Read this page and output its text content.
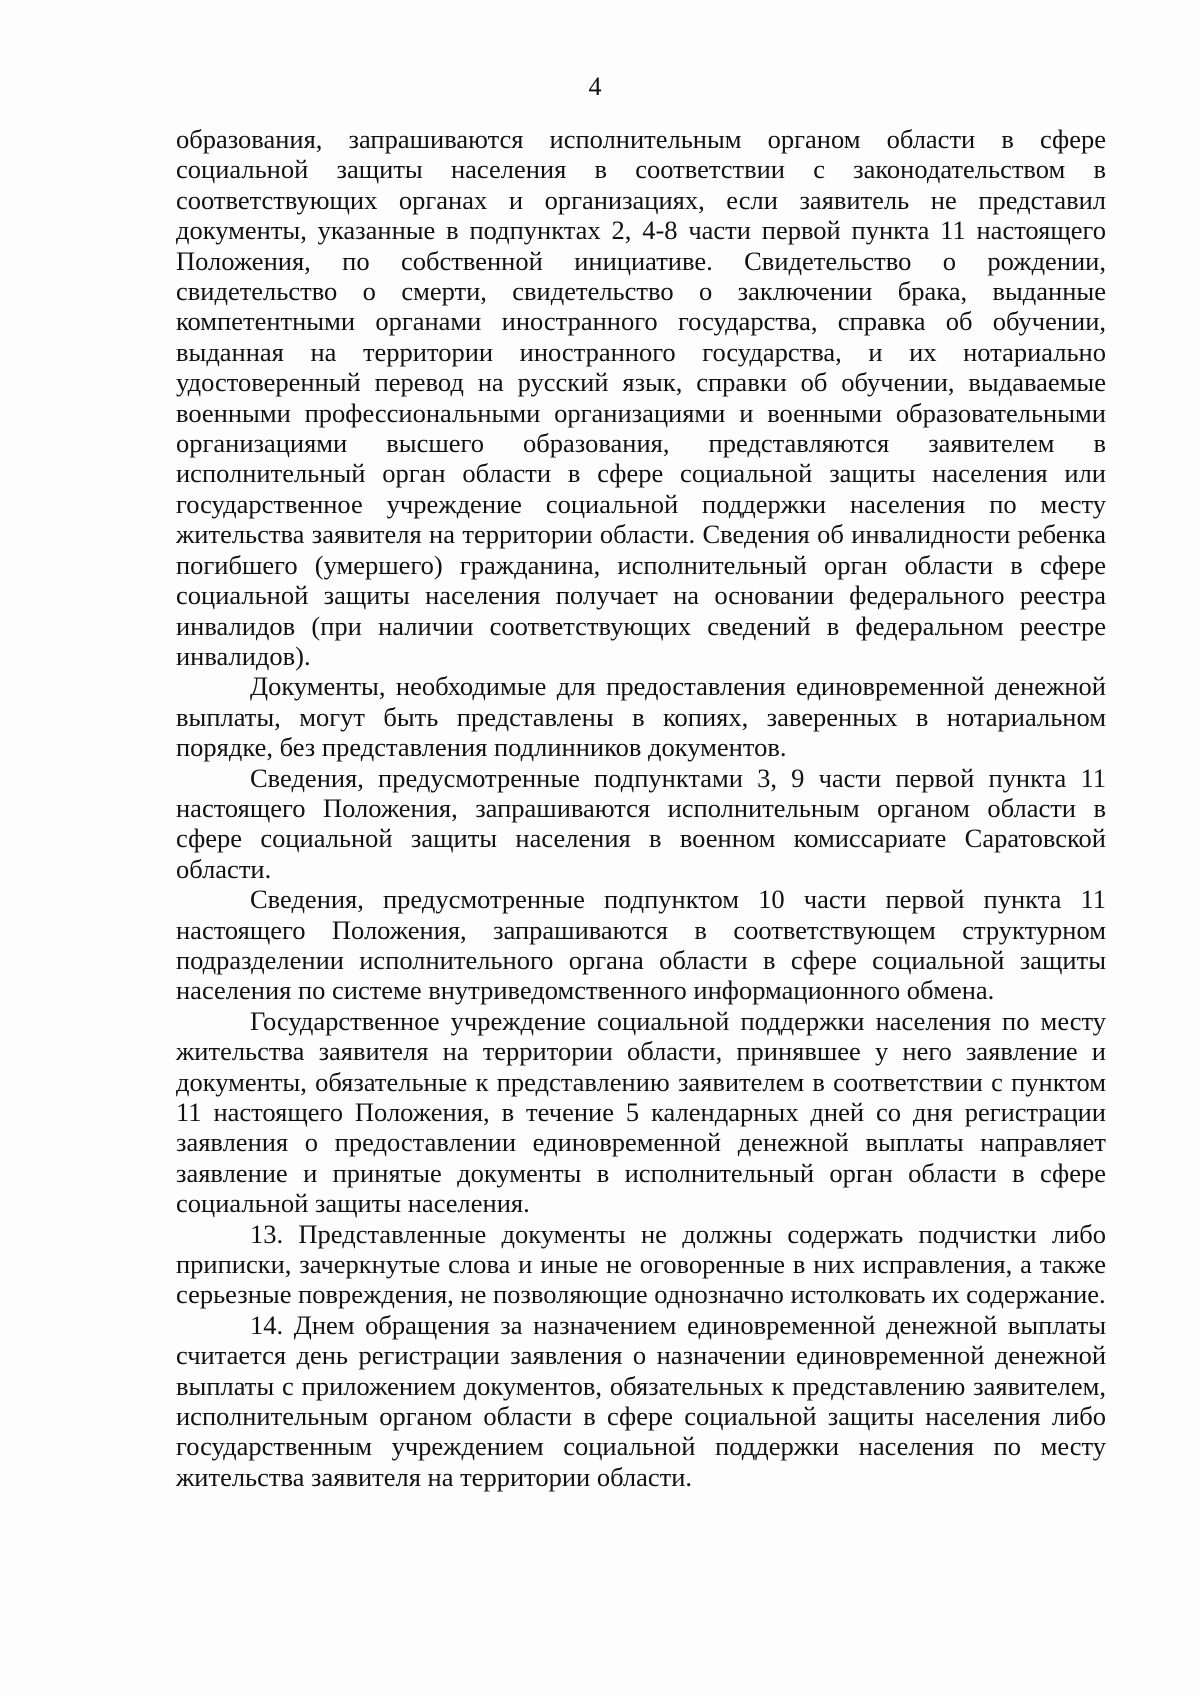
4

образования, запрашиваются исполнительным органом области в сфере социальной защиты населения в соответствии с законодательством в соответствующих органах и организациях, если заявитель не представил документы, указанные в подпунктах 2, 4-8 части первой пункта 11 настоящего Положения, по собственной инициативе. Свидетельство о рождении, свидетельство о смерти, свидетельство о заключении брака, выданные компетентными органами иностранного государства, справка об обучении, выданная на территории иностранного государства, и их нотариально удостоверенный перевод на русский язык, справки об обучении, выдаваемые военными профессиональными организациями и военными образовательными организациями высшего образования, представляются заявителем в исполнительный орган области в сфере социальной защиты населения или государственное учреждение социальной поддержки населения по месту жительства заявителя на территории области. Сведения об инвалидности ребенка погибшего (умершего) гражданина, исполнительный орган области в сфере социальной защиты населения получает на основании федерального реестра инвалидов (при наличии соответствующих сведений в федеральном реестре инвалидов).

Документы, необходимые для предоставления единовременной денежной выплаты, могут быть представлены в копиях, заверенных в нотариальном порядке, без представления подлинников документов.

Сведения, предусмотренные подпунктами 3, 9 части первой пункта 11 настоящего Положения, запрашиваются исполнительным органом области в сфере социальной защиты населения в военном комиссариате Саратовской области.

Сведения, предусмотренные подпунктом 10 части первой пункта 11 настоящего Положения, запрашиваются в соответствующем структурном подразделении исполнительного органа области в сфере социальной защиты населения по системе внутриведомственного информационного обмена.

Государственное учреждение социальной поддержки населения по месту жительства заявителя на территории области, принявшее у него заявление и документы, обязательные к представлению заявителем в соответствии с пунктом 11 настоящего Положения, в течение 5 календарных дней со дня регистрации заявления о предоставлении единовременной денежной выплаты направляет заявление и принятые документы в исполнительный орган области в сфере социальной защиты населения.

13. Представленные документы не должны содержать подчистки либо приписки, зачеркнутые слова и иные не оговоренные в них исправления, а также серьезные повреждения, не позволяющие однозначно истолковать их содержание.

14. Днем обращения за назначением единовременной денежной выплаты считается день регистрации заявления о назначении единовременной денежной выплаты с приложением документов, обязательных к представлению заявителем, исполнительным органом области в сфере социальной защиты населения либо государственным учреждением социальной поддержки населения по месту жительства заявителя на территории области.
